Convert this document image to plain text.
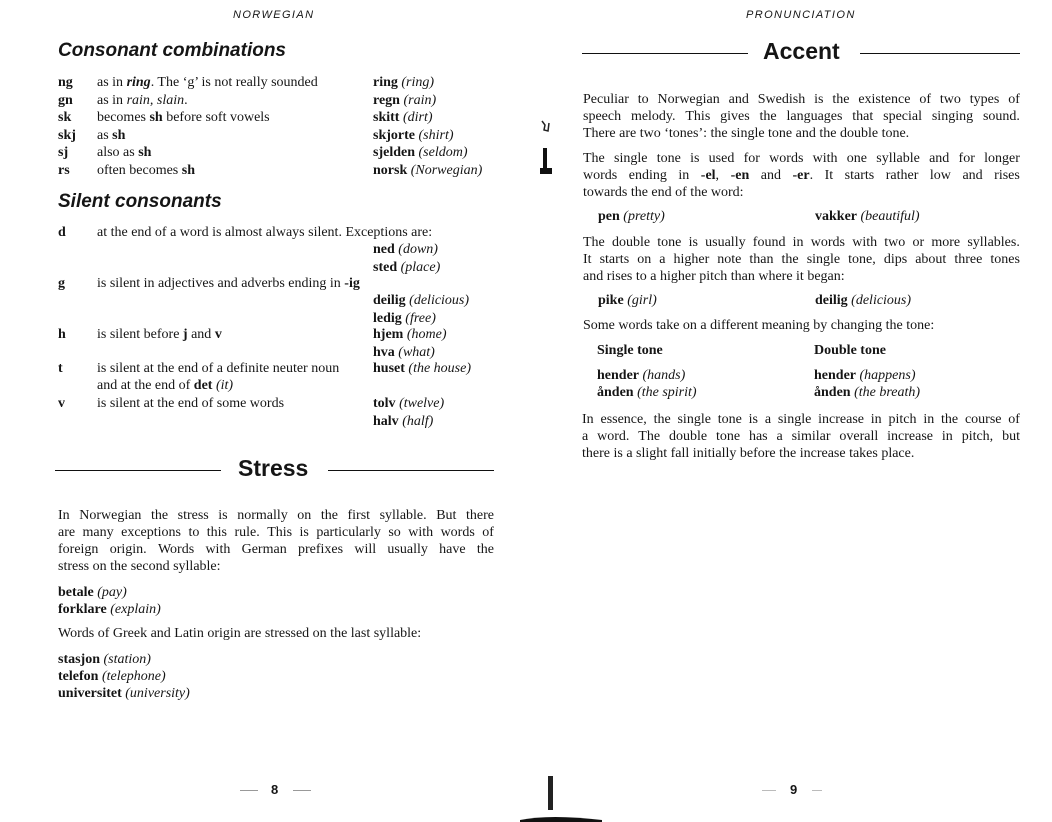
NORWEGIAN
Consonant combinations
Silent consonants
Stress
In Norwegian the stress is normally on the first syllable. But there
are many exceptions to this rule. This is particularly so with words of
foreign origin. Words with German prefixes will usually have the
stress on the second syllable:
Words of Greek and Latin origin are stressed on the last syllable:
8
PRONUNCIATION
Accent
Peculiar to Norwegian and Swedish is the existence of two types of
speech melody. This gives the languages that special singing sound.
There are two ‘tones’: the single tone and the double tone.
The single tone is used for words with one syllable and for longer
words ending in -el, -en and -er. It starts rather low and rises
towards the end of the word:
The double tone is usually found in words with two or more syllables.
It starts on a higher note than the single tone, dips about three tones
and rises to a higher pitch than where it began:
Some words take on a different meaning by changing the tone:
Single tone	Double tone
In essence, the single tone is a single increase in pitch in the course of
a word. The double tone has a similar overall increase in pitch, but
there is a slight fall initially before the increase takes place.
9
ng as in ring. The ‘g’ is not really sounded	ring (ring)
gn as in rain, slain.	regn (rain)
sk becomes sh before soft vowels	skitt (dirt)
skj as sh	skjorte (shirt)
sj also as sh	sjelden (seldom)
rs often becomes sh	norsk (Norwegian)
d at the end of a word is almost always silent. Exceptions are:
ned (down)
sted (place)
g is silent in adjectives and adverbs ending in -ig
deilig (delicious)
ledig (free)
h is silent before j and v	hjem (home)
hva (what)
t is silent at the end of a definite neuter noun
and at the end of det (it)
huset (the house)
v is silent at the end of some words	tolv (twelve)
halv (half)
betale (pay)
forklare (explain)
stasjon (station)
telefon (telephone)
universitet (university)
pen (pretty)	vakker (beautiful)
pike (girl)	deilig (delicious)
hender (hands)	hender (happens)
ånden (the spirit)	ånden (the breath)
